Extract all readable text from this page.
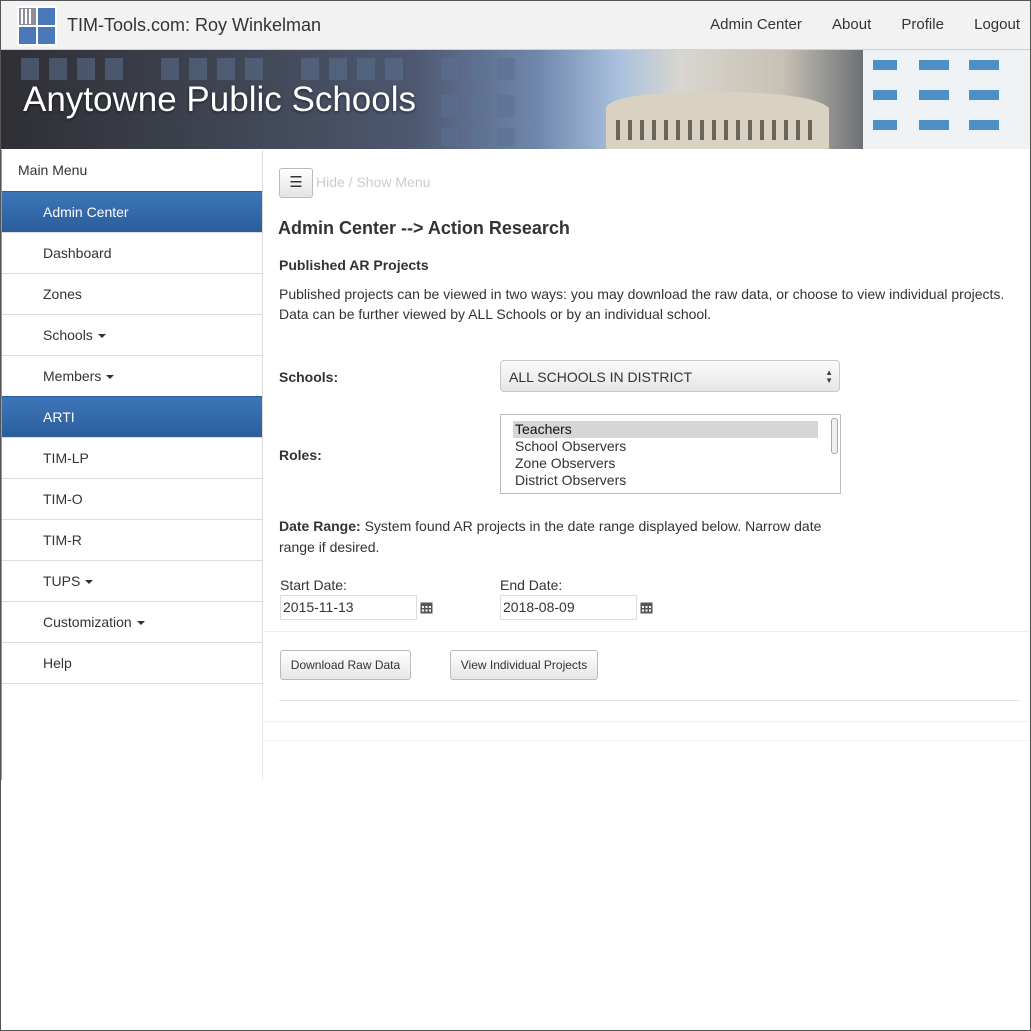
TIM-Tools.com: Roy Winkelman	Admin Center About Profile Logout
Anytowne Public Schools
Main Menu
Admin Center
Dashboard
Zones
Schools
Members
ARTI
TIM-LP
TIM-O
TIM-R
TUPS
Customization
Help
☰ Hide / Show Menu
Admin Center --> Action Research
Published AR Projects
Published projects can be viewed in two ways: you may download the raw data, or choose to view individual projects.
Data can be further viewed by ALL Schools or by an individual school.
Schools:	ALL SCHOOLS IN DISTRICT	▲
▼
Roles:
Teachers
School Observers
Zone Observers
District Observers
Date Range: System found AR projects in the date range displayed below. Narrow date range if desired.
Start Date:
2015-11-13
End Date:
2018-08-09
Download Raw Data	View Individual Projects
